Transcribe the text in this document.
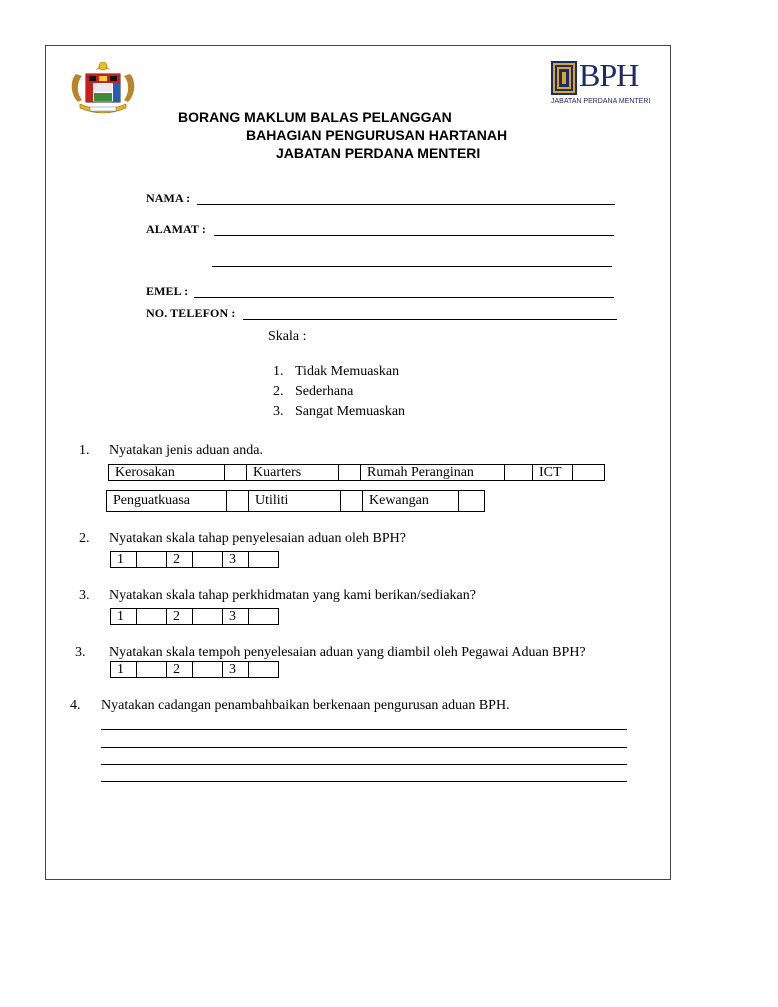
BPH
JABATAN PERDANA MENTERI
BORANG MAKLUM BALAS PELANGGAN
BAHAGIAN PENGURUSAN HARTANAH
JABATAN PERDANA MENTERI
NAMA :
ALAMAT :
EMEL :
NO. TELEFON :
Skala :
1. Tidak Memuaskan
2. Sederhana
3. Sangat Memuaskan
1. Nyatakan jenis aduan anda.
Kerosakan	Kuarters	Rumah Peranginan	ICT
Penguatkuasa	Utiliti	Kewangan
2. Nyatakan skala tahap penyelesaian aduan oleh BPH?
1	2	3
3. Nyatakan skala tahap perkhidmatan yang kami berikan/sediakan?
1	2	3
3. Nyatakan skala tempoh penyelesaian aduan yang diambil oleh Pegawai Aduan BPH?
1	2	3
4. Nyatakan cadangan penambahbaikan berkenaan pengurusan aduan BPH.
